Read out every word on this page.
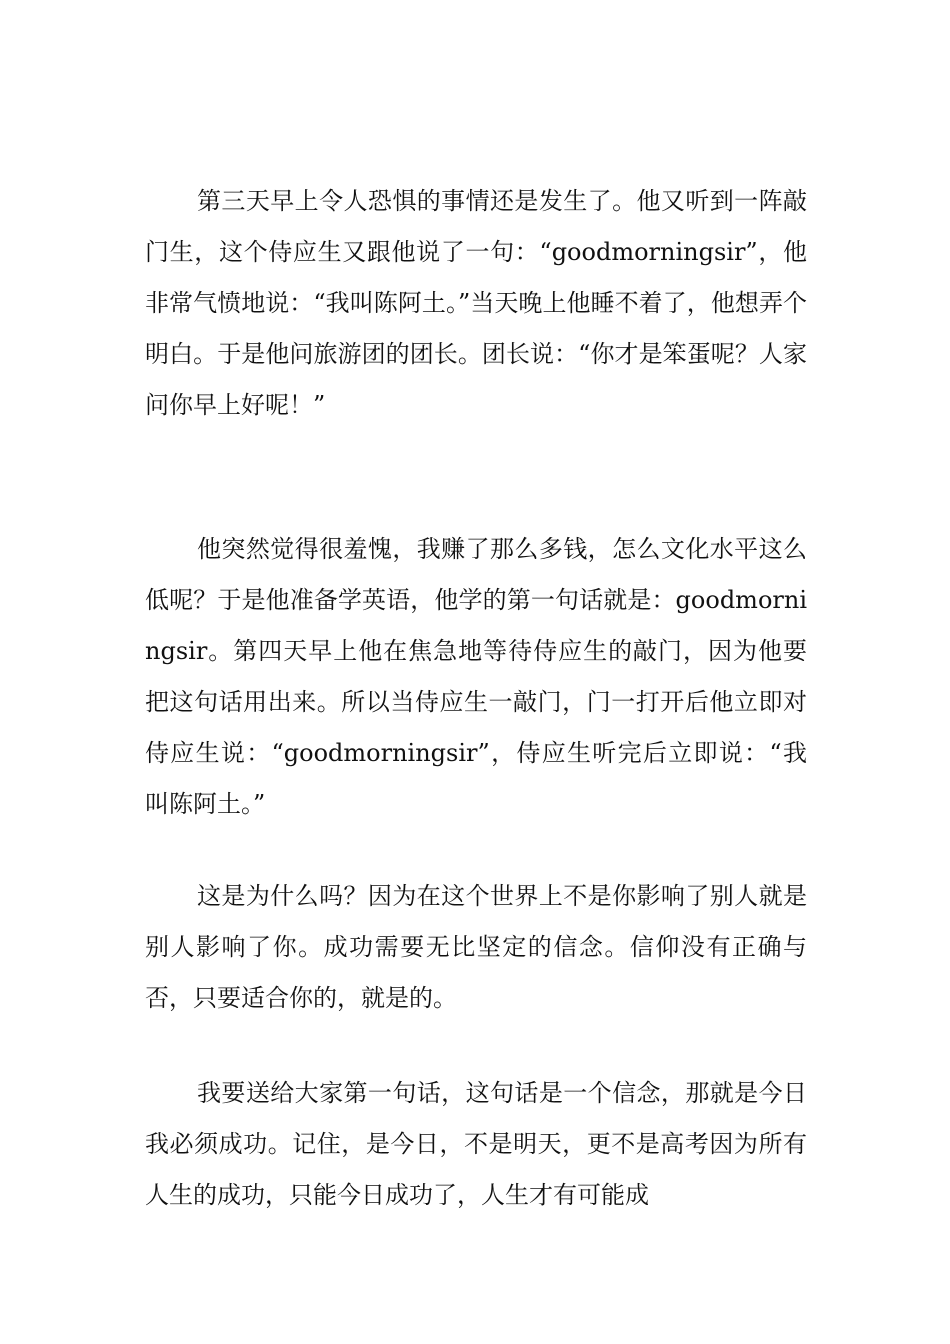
第三天早上令人恐惧的事情还是发生了。他又听到一阵敲门生，这个侍应生又跟他说了一句：“goodmorningsir”，他非常气愤地说：“我叫陈阿土。”当天晚上他睡不着了，他想弄个明白。于是他问旅游团的团长。团长说：“你才是笨蛋呢？人家问你早上好呢！”

他突然觉得很羞愧，我赚了那么多钱，怎么文化水平这么低呢？于是他准备学英语，他学的第一句话就是：goodmorningsir。第四天早上他在焦急地等待侍应生的敲门，因为他要把这句话用出来。所以当侍应生一敲门，门一打开后他立即对侍应生说：“goodmorningsir”，侍应生听完后立即说：“我叫陈阿土。”

这是为什么吗？因为在这个世界上不是你影响了别人就是别人影响了你。成功需要无比坚定的信念。信仰没有正确与否，只要适合你的，就是的。

我要送给大家第一句话，这句话是一个信念，那就是今日我必须成功。记住，是今日，不是明天，更不是高考因为所有人生的成功，只能今日成功了，人生才有可能成
